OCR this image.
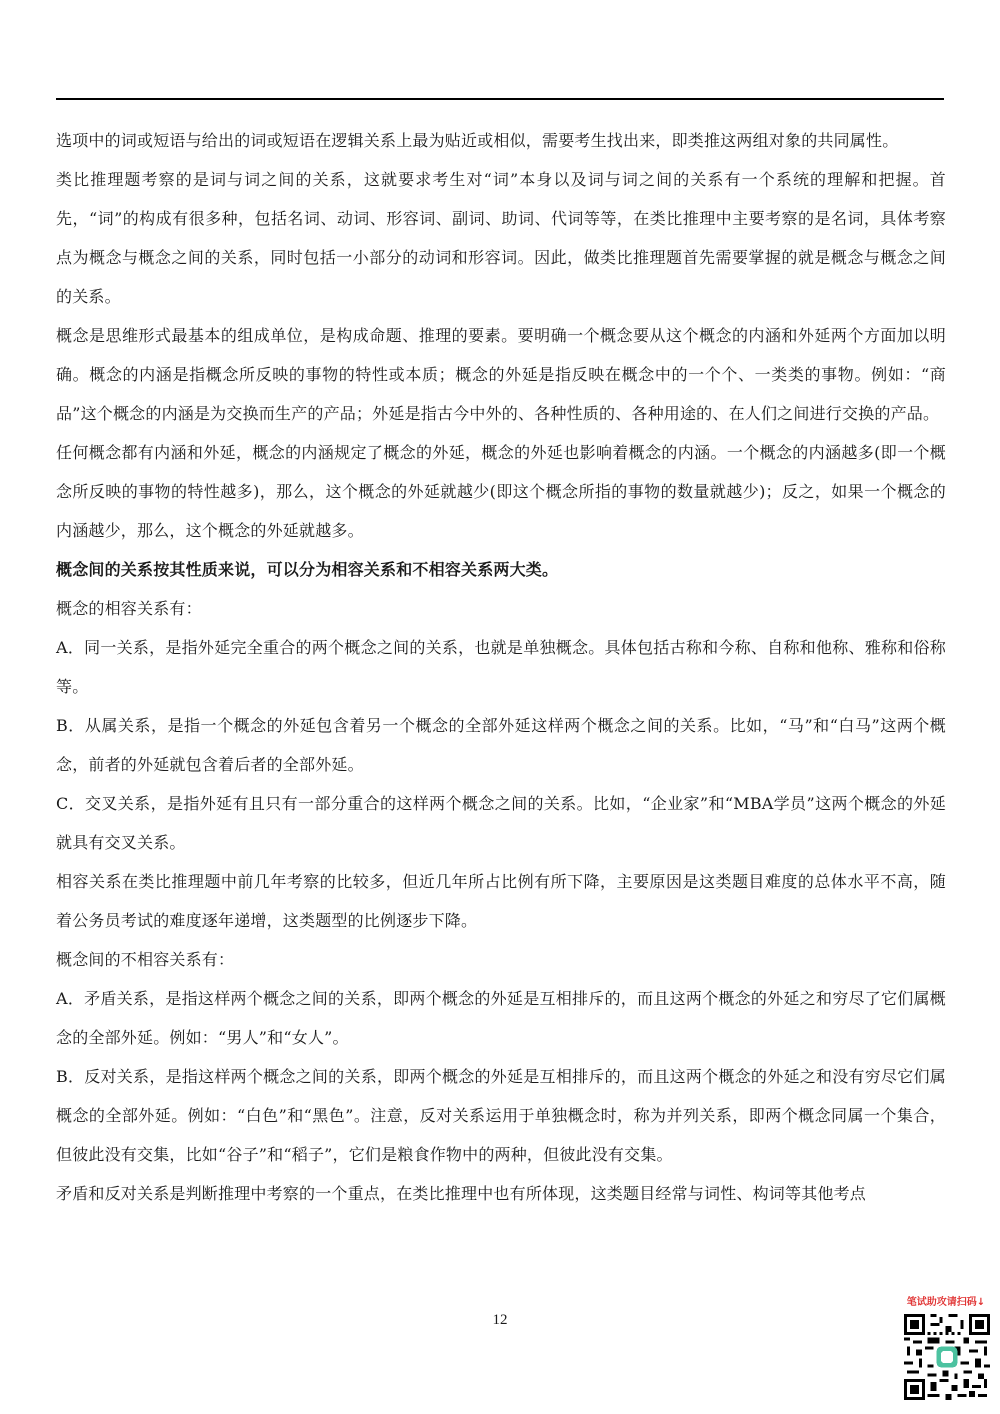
选项中的词或短语与给出的词或短语在逻辑关系上最为贴近或相似，需要考生找出来，即类推这两组对象的共同属性。

类比推理题考察的是词与词之间的关系，这就要求考生对“词”本身以及词与词之间的关系有一个系统的理解和把握。首先，“词”的构成有很多种，包括名词、动词、形容词、副词、助词、代词等等，在类比推理中主要考察的是名词，具体考察点为概念与概念之间的关系，同时包括一小部分的动词和形容词。因此，做类比推理题首先需要掌握的就是概念与概念之间的关系。

概念是思维形式最基本的组成单位，是构成命题、推理的要素。要明确一个概念要从这个概念的内涵和外延两个方面加以明确。概念的内涵是指概念所反映的事物的特性或本质；概念的外延是指反映在概念中的一个个、一类类的事物。例如：“商品”这个概念的内涵是为交换而生产的产品；外延是指古今中外的、各种性质的、各种用途的、在人们之间进行交换的产品。

任何概念都有内涵和外延，概念的内涵规定了概念的外延，概念的外延也影响着概念的内涵。一个概念的内涵越多(即一个概念所反映的事物的特性越多)，那么，这个概念的外延就越少(即这个概念所指的事物的数量就越少)；反之，如果一个概念的内涵越少，那么，这个概念的外延就越多。

概念间的关系按其性质来说，可以分为相容关系和不相容关系两大类。

概念的相容关系有：

A．同一关系，是指外延完全重合的两个概念之间的关系，也就是单独概念。具体包括古称和今称、自称和他称、雅称和俗称等。

B．从属关系，是指一个概念的外延包含着另一个概念的全部外延这样两个概念之间的关系。比如，“马”和“白马”这两个概念，前者的外延就包含着后者的全部外延。

C．交叉关系，是指外延有且只有一部分重合的这样两个概念之间的关系。比如，“企业家”和“MBA学员”这两个概念的外延就具有交叉关系。

相容关系在类比推理题中前几年考察的比较多，但近几年所占比例有所下降，主要原因是这类题目难度的总体水平不高，随着公务员考试的难度逐年递增，这类题型的比例逐步下降。

概念间的不相容关系有：

A．矛盾关系，是指这样两个概念之间的关系，即两个概念的外延是互相排斥的，而且这两个概念的外延之和穷尽了它们属概念的全部外延。例如：“男人”和“女人”。

B．反对关系，是指这样两个概念之间的关系，即两个概念的外延是互相排斥的，而且这两个概念的外延之和没有穷尽它们属概念的全部外延。例如：“白色”和“黑色”。注意，反对关系运用于单独概念时，称为并列关系，即两个概念同属一个集合，但彼此没有交集，比如“谷子”和“稻子”，它们是粮食作物中的两种，但彼此没有交集。

矛盾和反对关系是判断推理中考察的一个重点，在类比推理中也有所体现，这类题目经常与词性、构词等其他考点

12
笔试助攻请扫码↓
